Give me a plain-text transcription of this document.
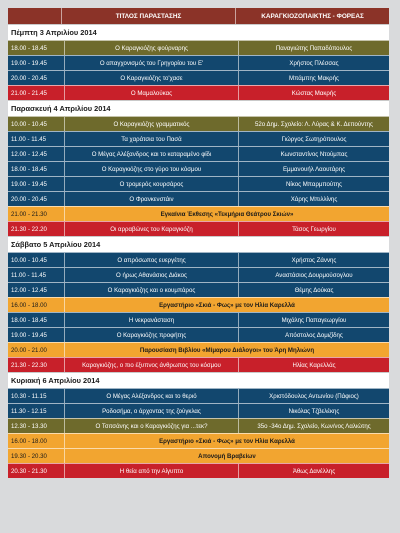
ΤΙΤΛΟΣ ΠΑΡΑΣΤΑΣΗΣ	ΚΑΡΑΓΚΙΟΖΟΠΑΙΚΤΗΣ - ΦΟΡΕΑΣ
Πέμπτη 3 Απριλίου 2014
18.00 - 18.45	Ο Καραγκιόζης φούρναρης	Παναγιώτης Παπαδόπουλος
19.00 - 19.45	Ο απαγχονισμός του Γρηγορίου του Ε'	Χρήστος Πλέσσας
20.00 - 20.45	Ο Καραγκιόζης το'χασε	Μπάμπης Μακρής
21.00 - 21.45	Ο Μαμαλούκας	Κώστας Μακρής
Παρασκευή 4 Απριλίου 2014
10.00 - 10.45	Ο Καραγκιόζης γραμματικός	52ο Δημ. Σχολείο: Λ. Λύρας & Κ. Δεπούντης
11.00 - 11.45	Τα χαράτσια του Πασά	Γιώργος Σωτηρόπουλος
12.00 - 12.45	Ο Μέγας Αλέξανδρος και το καταραμένο φίδι	Κωνσταντίνος Ντούμπας
18.00 - 18.45	Ο Καραγκιόζης στο γύρο του κόσμου	Εμμανουήλ Λαουτάρης
19.00 - 19.45	Ο τρομερός κουρσάρος	Νίκος Μπαρμπούτης
20.00 - 20.45	Ο Φρανκενστάιν	Χάρης Μπιλλίνης
21.00 - 21.30	Εγκαίνια Έκθεσης «Τεκμήρια Θεάτρου Σκιών»
21.30 - 22.20	Οι αρραβώνες του Καραγκιόζη	Τάσος Γεωργίου
Σάββατο 5 Απριλίου 2014
10.00 - 10.45	Ο απρόσωπος ευεργέτης	Χρήστος Ζάννης
11.00 - 11.45	Ο ήρως Αθανάσιος Διάκος	Αναστάσιος Δουρμούσογλου
12.00 - 12.45	Ο Καραγκιόζης και ο κουμπάρος	Θέμης Δούκας
16.00 - 18.00	Εργαστήριο «Σκιά - Φως» με τον Ηλία Καρελλά
18.00 - 18.45	Η νεκρανάσταση	Μιχάλης Παπαγεωργίου
19.00 - 19.45	Ο Καραγκιόζης προφήτης	Απόστολος Δομιζίδης
20.00 - 21.00	Παρουσίαση Βιβλίου «Μίμαρου Διάλογοι» του Άρη Μηλιώνη
21.30 - 22.30	Καραγκιόζης, ο πιο έξυπνος άνθρωπος του κόσμου	Ηλίας Καρελλάς
Κυριακή 6 Απριλίου 2014
10.30 - 11.15	Ο Μέγας Αλέξανδρος και το θεριό	Χριστόδουλος Αντωνίου (Πάφιος)
11.30 - 12.15	Ροδοσήμα, ο άρχοντας της ζούγκλας	Νικόλας Τζβελέκης
12.30 - 13.30	Ο Τσιτσάνης και ο Καραγκιόζης για ...τεκ?	35ο -34ο Δημ. Σχολείο, Κων/νος Λαλιώτης
16.00 - 18.00	Εργαστήριο «Σκιά - Φως» με τον Ηλία Καρελλά
19.30 - 20.30	Απονομή Βραβείων
20.30 - 21.30	Η θεία από την Αίγυπτο	Άθως Δανέλλης
